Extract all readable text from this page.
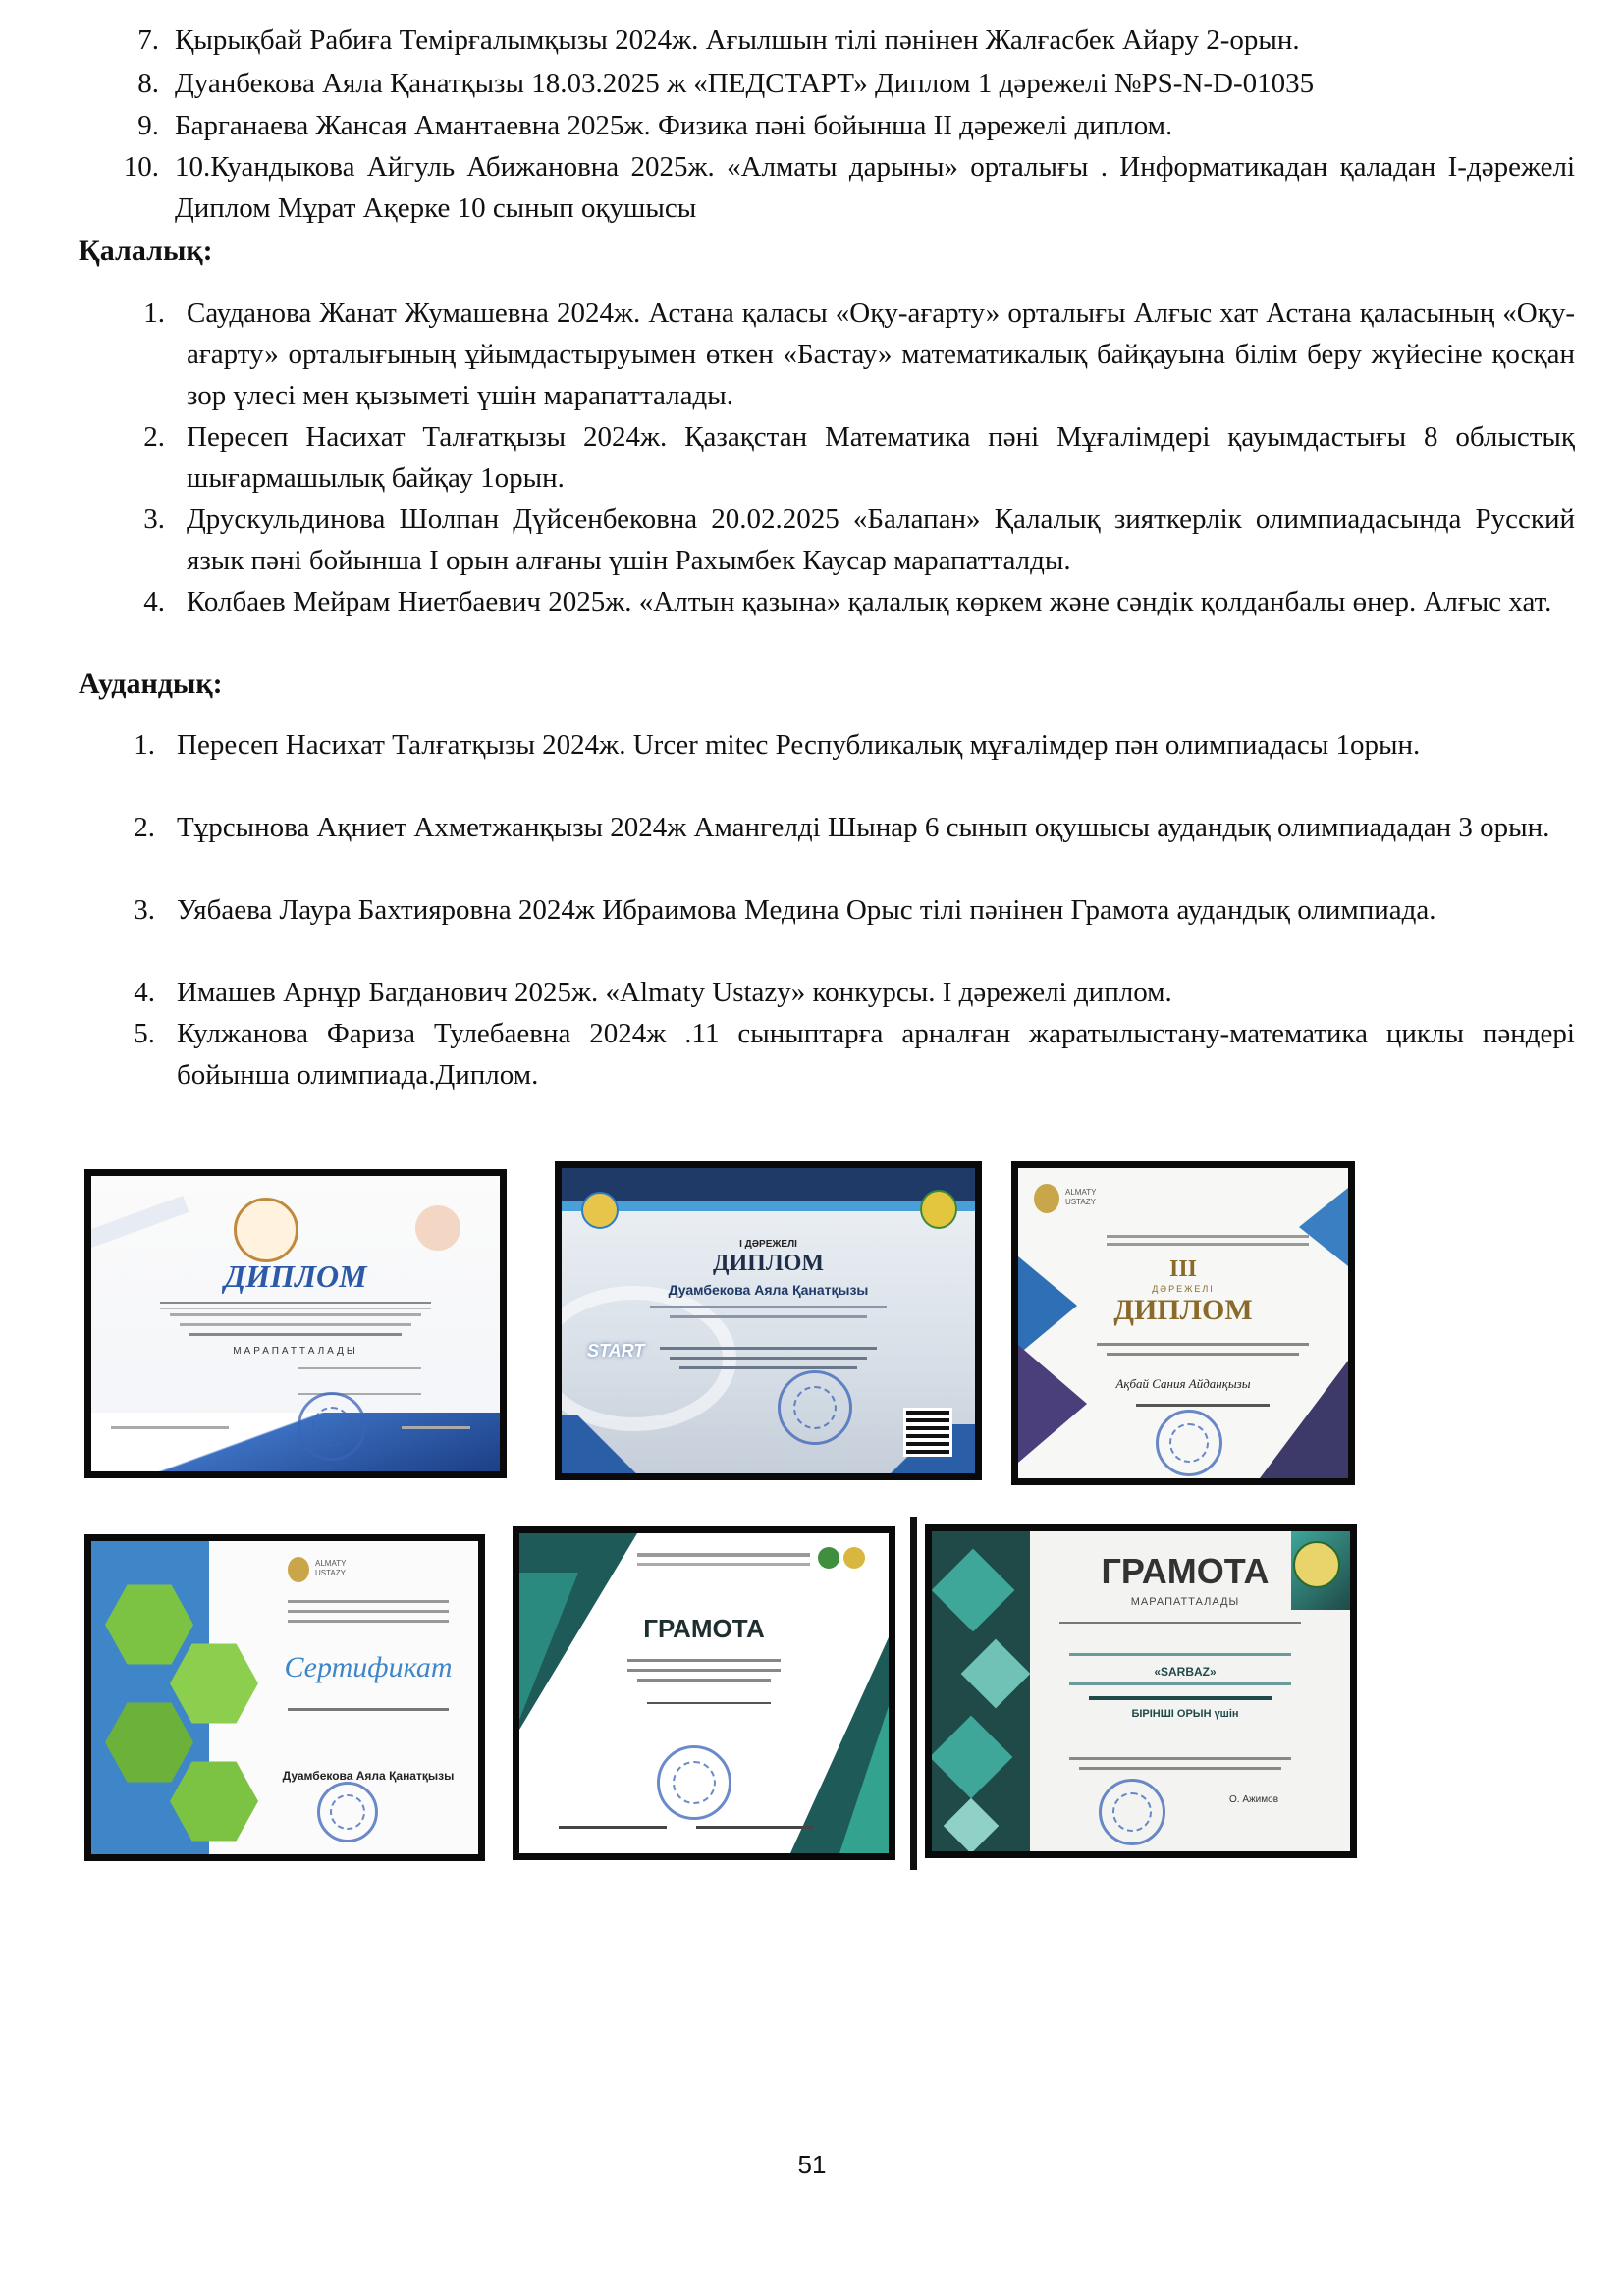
7. Қырықбай Рабиға Темірғалымқызы 2024ж. Ағылшын тілі пәнінен Жалғасбек Айару 2-орын.
8. Дуанбекова Аяла Қанатқызы 18.03.2025 ж «ПЕДСТАРТ» Диплом 1 дәрежелі №PS-N-D-01035
9. Барганаева Жансая Амантаевна 2025ж. Физика пәні бойынша ІІ дәрежелі диплом.
10. 10.Куандыкова Айгуль Абижановна 2025ж. «Алматы дарыны» орталығы . Информатикадан қаладан І-дәрежелі Диплом Мұрат Ақерке 10 сынып оқушысы
Қалалық:
1. Сауданова Жанат Жумашевна 2024ж. Астана қаласы «Оқу-ағарту» орталығы Алғыс хат Астана қаласының «Оқу-ағарту» орталығының ұйымдастыруымен өткен «Бастау» математикалық байқауына білім беру жүйесіне қосқан зор үлесі мен қызыметі үшін марапатталады.
2. Пересеп Насихат Талғатқызы 2024ж. Қазақстан Математика пәні Мұғалімдері қауымдастығы 8 облыстық шығармашылық байқау 1орын.
3. Друскульдинова Шолпан Дүйсенбековна 20.02.2025 «Балапан» Қалалық зияткерлік олимпиадасында Русский язык пәні бойынша І орын алғаны үшін Рахымбек Каусар марапатталды.
4. Колбаев Мейрам Ниетбаевич 2025ж. «Алтын қазына» қалалық көркем және сәндік қолданбалы өнер. Алғыс хат.
Аудандық:
1. Пересеп Насихат Талғатқызы 2024ж. Urcer mitec Республикалық мұғалімдер пән олимпиадасы 1орын.
2. Тұрсынова Ақниет Ахметжанқызы 2024ж Амангелді Шынар 6 сынып оқушысы аудандық олимпиададан 3 орын.
3. Уябаева Лаура Бахтияровна 2024ж Ибраимова Медина Орыс тілі пәнінен Грамота аудандық олимпиада.
4. Имашев Арнұр Багданович 2025ж. «Almaty Ustazy» конкурсы. І дәрежелі диплом.
5. Кулжанова Фариза Тулебаевна 2024ж .11 сыныптарға арналған жаратылыстану-математика циклы пәндері бойынша олимпиада.Диплом.
ДИПЛОМ
МАРАПАТТАЛАДЫ
І ДӘРЕЖЕЛІ
ДИПЛОМ
Дуамбекова Аяла Қанатқызы
START
ALMATY USTAZY
ІІІ
ДӘРЕЖЕЛІ
ДИПЛОМ
Ақбай Сания Айданқызы
ALMATY USTAZY
Сертификат
Дуамбекова Аяла Қанатқызы
ГРАМОТА
ГРАМОТА
МАРАПАТТАЛАДЫ
«SARBAZ»
БІРІНШІ ОРЫН үшін
О. Ажимов
51
